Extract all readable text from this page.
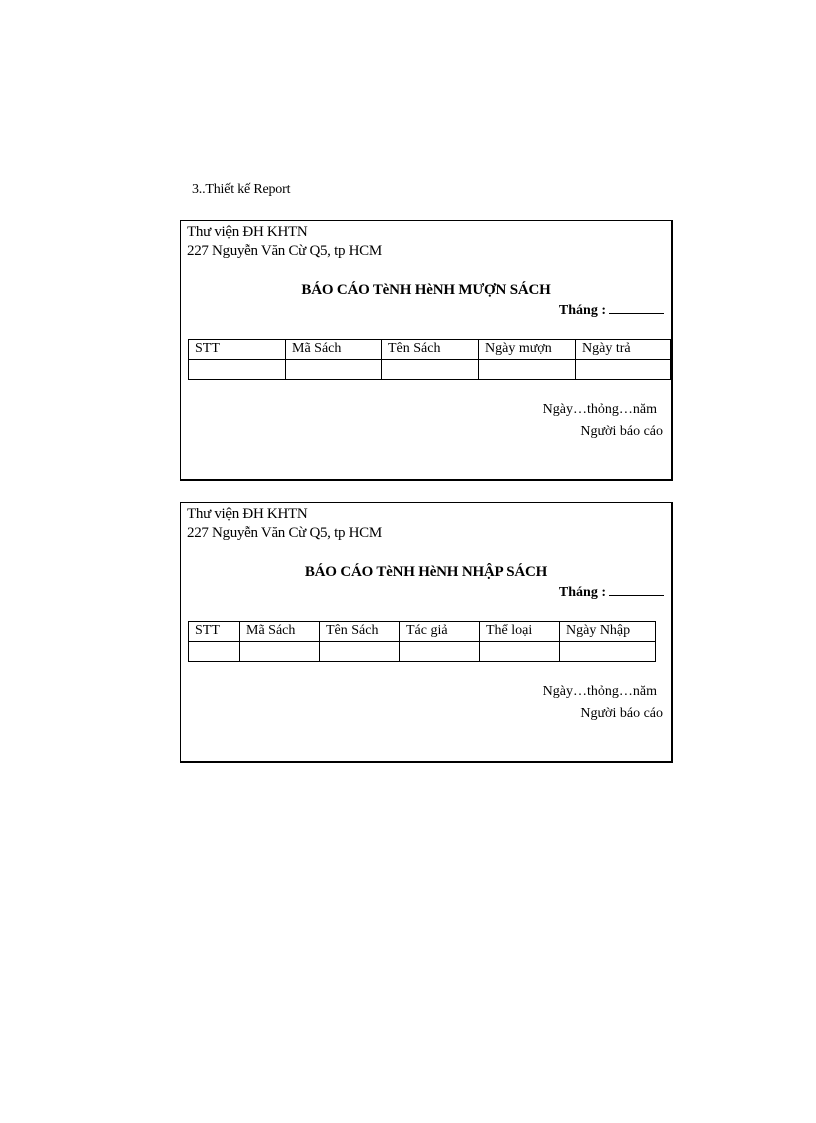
3..Thiết kế Report
Thư viện ĐH KHTN
227 Nguyễn Văn Cừ Q5, tp HCM
BÁO CÁO TèNH HèNH MƯỢN SÁCH
Tháng :
STT	Mã Sách	Tên Sách	Ngày mượn	Ngày trả

Ngày…thỏng…năm
Người báo cáo
Thư viện ĐH KHTN
227 Nguyễn Văn Cừ Q5, tp HCM
BÁO CÁO TèNH HèNH NHẬP SÁCH
Tháng :
STT	Mã Sách	Tên Sách	Tác giả	Thể loại	Ngày Nhập

Ngày…thỏng…năm
Người báo cáo
